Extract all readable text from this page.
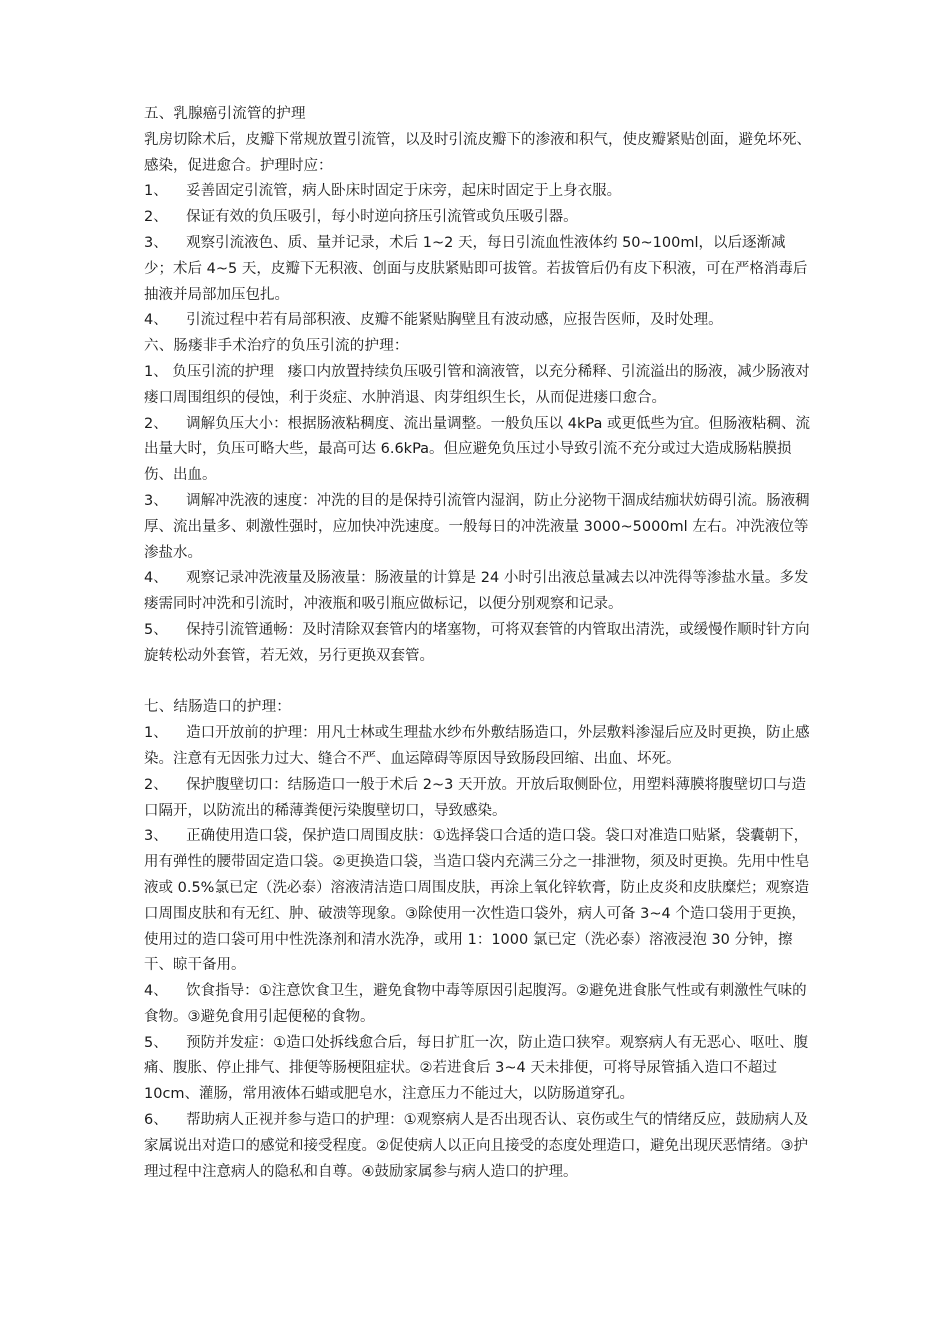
五、乳腺癌引流管的护理

乳房切除术后，皮瓣下常规放置引流管，以及时引流皮瓣下的渗液和积气，使皮瓣紧贴创面，避免坏死、感染，促进愈合。护理时应：

1、    妥善固定引流管，病人卧床时固定于床旁，起床时固定于上身衣服。

2、    保证有效的负压吸引，每小时逆向挤压引流管或负压吸引器。

3、    观察引流液色、质、量并记录，术后 1~2 天，每日引流血性液体约 50~100ml，以后逐渐减少；术后 4~5 天，皮瓣下无积液、创面与皮肤紧贴即可拔管。若拔管后仍有皮下积液，可在严格消毒后抽液并局部加压包扎。

4、    引流过程中若有局部积液、皮瓣不能紧贴胸壁且有波动感，应报告医师，及时处理。

六、肠瘘非手术治疗的负压引流的护理：

1、 负压引流的护理   瘘口内放置持续负压吸引管和滴液管，以充分稀释、引流溢出的肠液，减少肠液对瘘口周围组织的侵蚀，利于炎症、水肿消退、肉芽组织生长，从而促进瘘口愈合。

2、    调解负压大小：根据肠液粘稠度、流出量调整。一般负压以 4kPa 或更低些为宜。但肠液粘稠、流出量大时，负压可略大些，最高可达 6.6kPa。但应避免负压过小导致引流不充分或过大造成肠粘膜损伤、出血。

3、    调解冲洗液的速度：冲洗的目的是保持引流管内湿润，防止分泌物干涸成结痂状妨碍引流。肠液稠厚、流出量多、刺激性强时，应加快冲洗速度。一般每日的冲洗液量 3000~5000ml 左右。冲洗液位等渗盐水。

4、    观察记录冲洗液量及肠液量：肠液量的计算是 24 小时引出液总量减去以冲洗得等渗盐水量。多发瘘需同时冲洗和引流时，冲液瓶和吸引瓶应做标记，以便分别观察和记录。

5、    保持引流管通畅：及时清除双套管内的堵塞物，可将双套管的内管取出清洗，或缓慢作顺时针方向旋转松动外套管，若无效，另行更换双套管。

七、结肠造口的护理：

1、    造口开放前的护理：用凡士林或生理盐水纱布外敷结肠造口，外层敷料渗湿后应及时更换，防止感染。注意有无因张力过大、缝合不严、血运障碍等原因导致肠段回缩、出血、坏死。

2、    保护腹壁切口：结肠造口一般于术后 2~3 天开放。开放后取侧卧位，用塑料薄膜将腹壁切口与造口隔开，以防流出的稀薄粪便污染腹壁切口，导致感染。

3、    正确使用造口袋，保护造口周围皮肤：①选择袋口合适的造口袋。袋口对准造口贴紧，袋囊朝下，用有弹性的腰带固定造口袋。②更换造口袋，当造口袋内充满三分之一排泄物，须及时更换。先用中性皂液或 0.5%氯已定（洗必泰）溶液清洁造口周围皮肤，再涂上氧化锌软膏，防止皮炎和皮肤糜烂；观察造口周围皮肤和有无红、肿、破溃等现象。③除使用一次性造口袋外，病人可备 3~4 个造口袋用于更换，使用过的造口袋可用中性洗涤剂和清水洗净，或用 1：1000 氯已定（洗必泰）溶液浸泡 30 分钟，擦干、晾干备用。

4、    饮食指导：①注意饮食卫生，避免食物中毒等原因引起腹泻。②避免进食胀气性或有刺激性气味的食物。③避免食用引起便秘的食物。

5、    预防并发症：①造口处拆线愈合后，每日扩肛一次，防止造口狭窄。观察病人有无恶心、呕吐、腹痛、腹胀、停止排气、排便等肠梗阻症状。②若进食后 3~4 天未排便，可将导尿管插入造口不超过 10cm、灌肠，常用液体石蜡或肥皂水，注意压力不能过大，以防肠道穿孔。

6、    帮助病人正视并参与造口的护理：①观察病人是否出现否认、哀伤或生气的情绪反应，鼓励病人及家属说出对造口的感觉和接受程度。②促使病人以正向且接受的态度处理造口，避免出现厌恶情绪。③护理过程中注意病人的隐私和自尊。④鼓励家属参与病人造口的护理。
